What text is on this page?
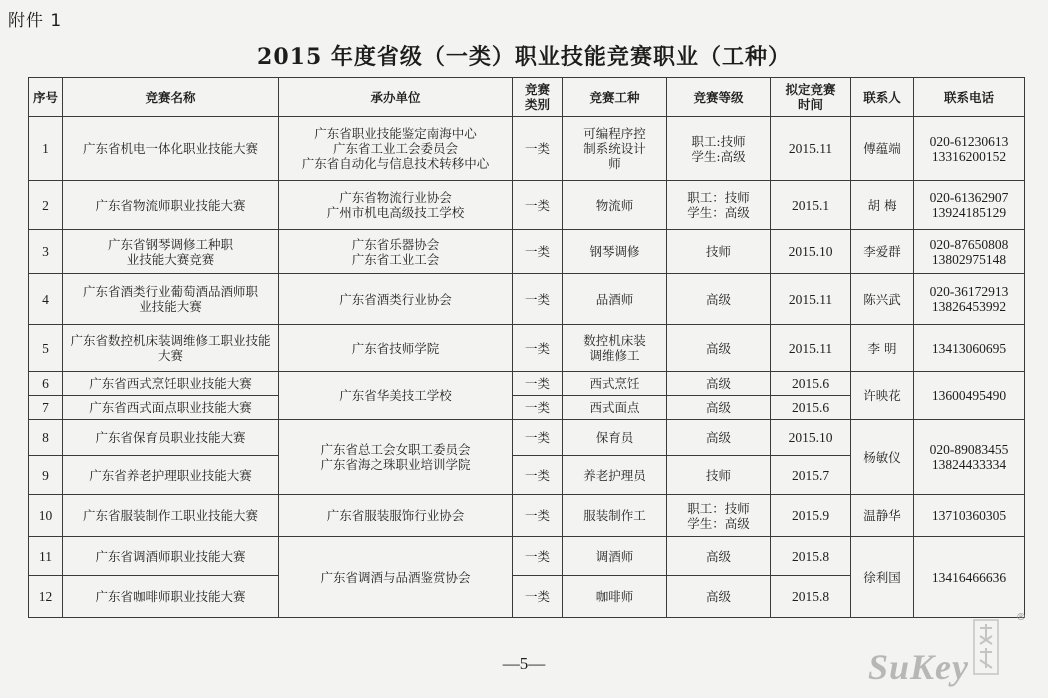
附件 1
2015 年度省级（一类）职业技能竞赛职业（工种）
序号	竞赛名称	承办单位	竞赛类别	竞赛工种	竞赛等级	拟定竞赛时间	联系人	联系电话
1	广东省机电一体化职业技能大赛	广东省职业技能鉴定南海中心
广东省工业工会委员会
广东省自动化与信息技术转移中心	一类	可编程序控制系统设计师	职工:技师
学生:高级	2015.11	傅蕴端	020-61230613
13316200152

2	广东省物流师职业技能大赛	广东省物流行业协会
广州市机电高级技工学校	一类	物流师	职工：技师
学生：高级	2015.1	胡 梅	020-61362907
13924185129

3	广东省钢琴调修工种职业技能大赛竞赛	广东省乐器协会
广东省工业工会	一类	钢琴调修	技师	2015.10	李爱群	020-87650808
13802975148

4	广东省酒类行业葡萄酒品酒师职业技能大赛	广东省酒类行业协会	一类	品酒师	高级	2015.11	陈兴武	020-36172913
13826453992

5	广东省数控机床装调维修工职业技能大赛	广东省技师学院	一类	数控机床装调维修工	高级	2015.11	李 明	13413060695
6	广东省西式烹饪职业技能大赛	广东省华美技工学校	一类	西式烹饪	高级	2015.6	许映花	13600495490
7	广东省西式面点职业技能大赛		一类	西式面点	高级	2015.6		
8	广东省保育员职业技能大赛	广东省总工会女职工委员会
广东省海之珠职业培训学院	一类	保育员	高级	2015.10	杨敏仪	020-89083455
13824433334

9	广东省养老护理职业技能大赛		一类	养老护理员	技师	2015.7		
10	广东省服装制作工职业技能大赛	广东省服装服饰行业协会	一类	服装制作工	职工：技师
学生：高级	2015.9	温静华	13710360305
11	广东省调酒师职业技能大赛	广东省调酒与品酒鉴赏协会	一类	调酒师	高级	2015.8	徐利国	13416466636
12	广东省咖啡师职业技能大赛		一类	咖啡师	高级	2015.8		
—5—	SuKey
®
